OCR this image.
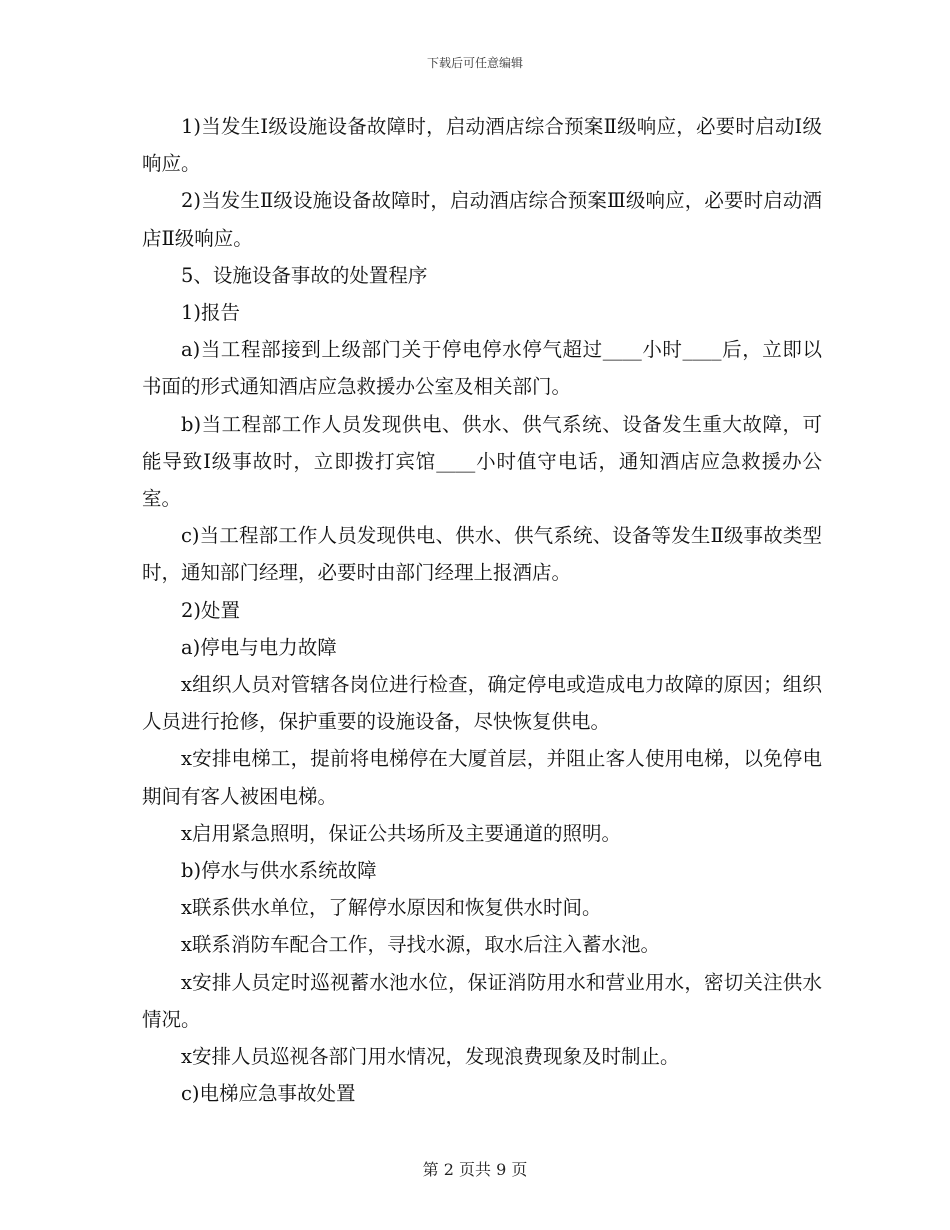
下载后可任意编辑

1)当发生Ⅰ级设施设备故障时，启动酒店综合预案Ⅱ级响应，必要时启动Ⅰ级响应。

2)当发生Ⅱ级设施设备故障时，启动酒店综合预案Ⅲ级响应，必要时启动酒店Ⅱ级响应。

5、设施设备事故的处置程序

1)报告

a)当工程部接到上级部门关于停电停水停气超过____小时____后，立即以书面的形式通知酒店应急救援办公室及相关部门。

b)当工程部工作人员发现供电、供水、供气系统、设备发生重大故障，可能导致Ⅰ级事故时，立即拨打宾馆____小时值守电话，通知酒店应急救援办公室。

c)当工程部工作人员发现供电、供水、供气系统、设备等发生Ⅱ级事故类型时，通知部门经理，必要时由部门经理上报酒店。

2)处置

a)停电与电力故障

x组织人员对管辖各岗位进行检查，确定停电或造成电力故障的原因；组织人员进行抢修，保护重要的设施设备，尽快恢复供电。

x安排电梯工，提前将电梯停在大厦首层，并阻止客人使用电梯，以免停电期间有客人被困电梯。

x启用紧急照明，保证公共场所及主要通道的照明。

b)停水与供水系统故障

x联系供水单位，了解停水原因和恢复供水时间。

x联系消防车配合工作，寻找水源，取水后注入蓄水池。

x安排人员定时巡视蓄水池水位，保证消防用水和营业用水，密切关注供水情况。

x安排人员巡视各部门用水情况，发现浪费现象及时制止。

c)电梯应急事故处置

第 2 页共 9 页
